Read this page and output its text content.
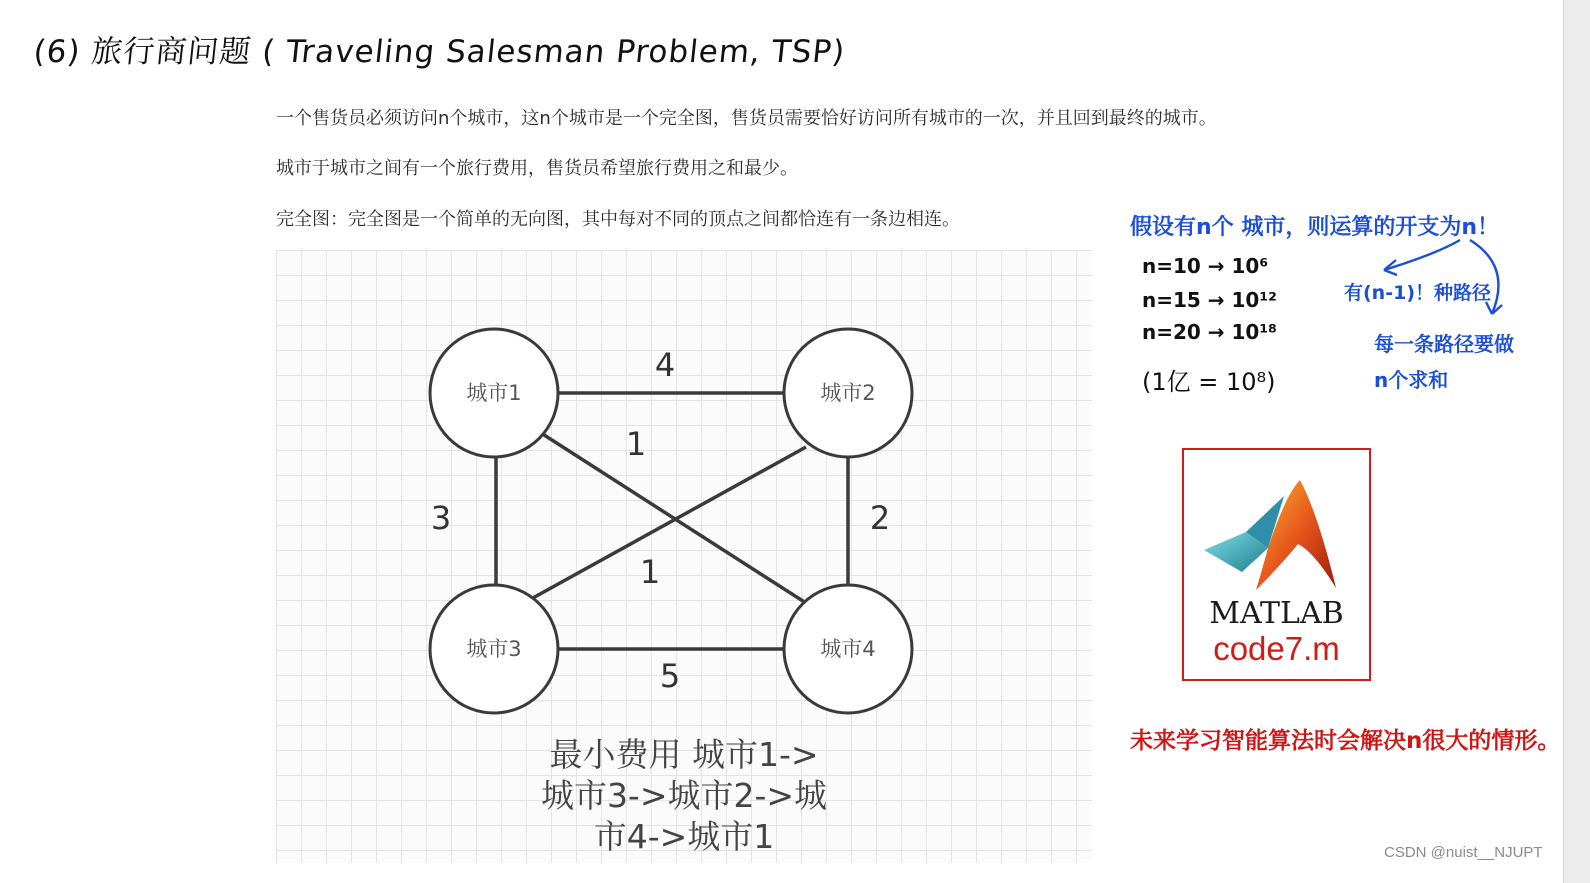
(6) 旅行商问题 ( Traveling Salesman Problem, TSP)
一个售货员必须访问n个城市，这n个城市是一个完全图，售货员需要恰好访问所有城市的一次，并且回到最终的城市。
城市于城市之间有一个旅行费用，售货员希望旅行费用之和最少。
完全图：完全图是一个简单的无向图，其中每对不同的顶点之间都恰连有一条边相连。
4
1
1
3	2
5
城市1	城市2
城市3	城市4
最小费用 城市1->
城市3->城市2->城
市4->城市1
假设有n个 城市，则运算的开支为n！
n=10 → 10⁶
n=15 → 10¹²
n=20 → 10¹⁸
(1亿 = 10⁸)
有(n-1)！种路径
每一条路径要做
n个求和
MATLAB
code7.m
未来学习智能算法时会解决n很大的情形。
CSDN @nuist__NJUPT
